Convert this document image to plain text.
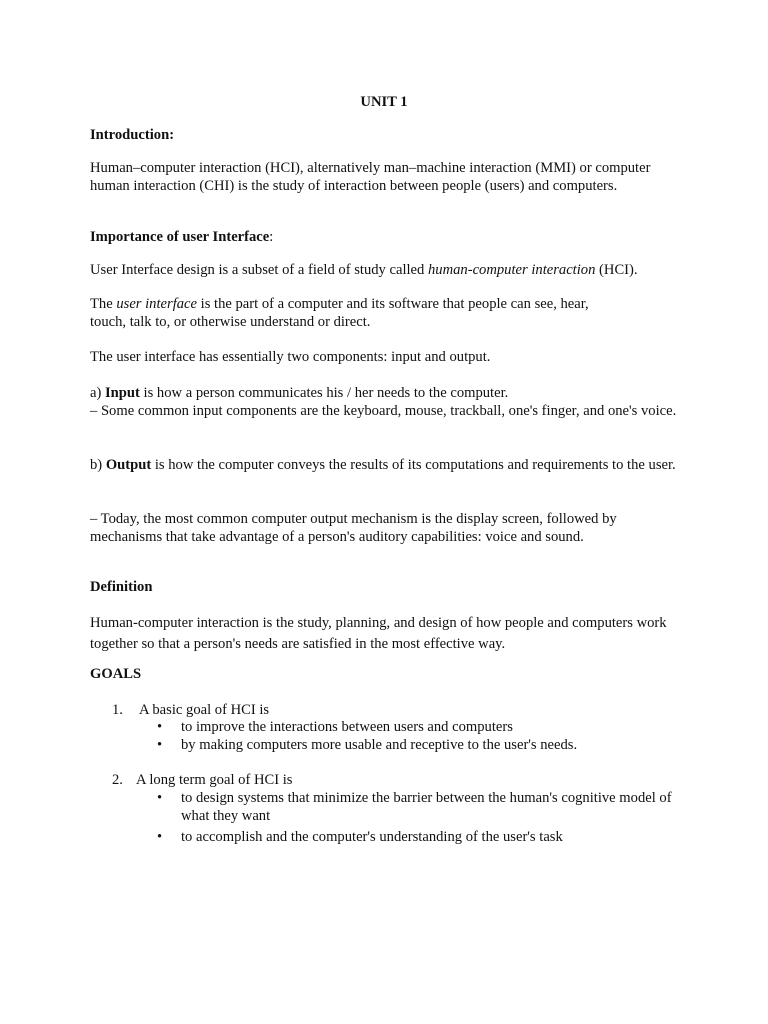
UNIT 1
Introduction:
Human–computer interaction (HCI), alternatively man–machine interaction (MMI) or computer human interaction (CHI) is the study of interaction between people (users) and computers.
Importance of user Interface:
User Interface design is a subset of a field of study called human-computer interaction (HCI).
The user interface is the part of a computer and its software that people can see, hear,
touch, talk to, or otherwise understand or direct.
The user interface has essentially two components: input and output.
a) Input is how a person communicates his / her needs to the computer.
– Some common input components are the keyboard, mouse, trackball, one's finger, and one's voice.
b) Output is how the computer conveys the results of its computations and requirements to the user.
– Today, the most common computer output mechanism is the display screen, followed by mechanisms that take advantage of a person's auditory capabilities: voice and sound.
Definition
Human-computer interaction is the study, planning, and design of how people and computers work together so that a person's needs are satisfied in the most effective way.
GOALS
1. A basic goal of HCI is
• to improve the interactions between users and computers
• by making computers more usable and receptive to the user's needs.
2. A long term goal of HCI is
• to design systems that minimize the barrier between the human's cognitive model of what they want
• to accomplish and the computer's understanding of the user's task
